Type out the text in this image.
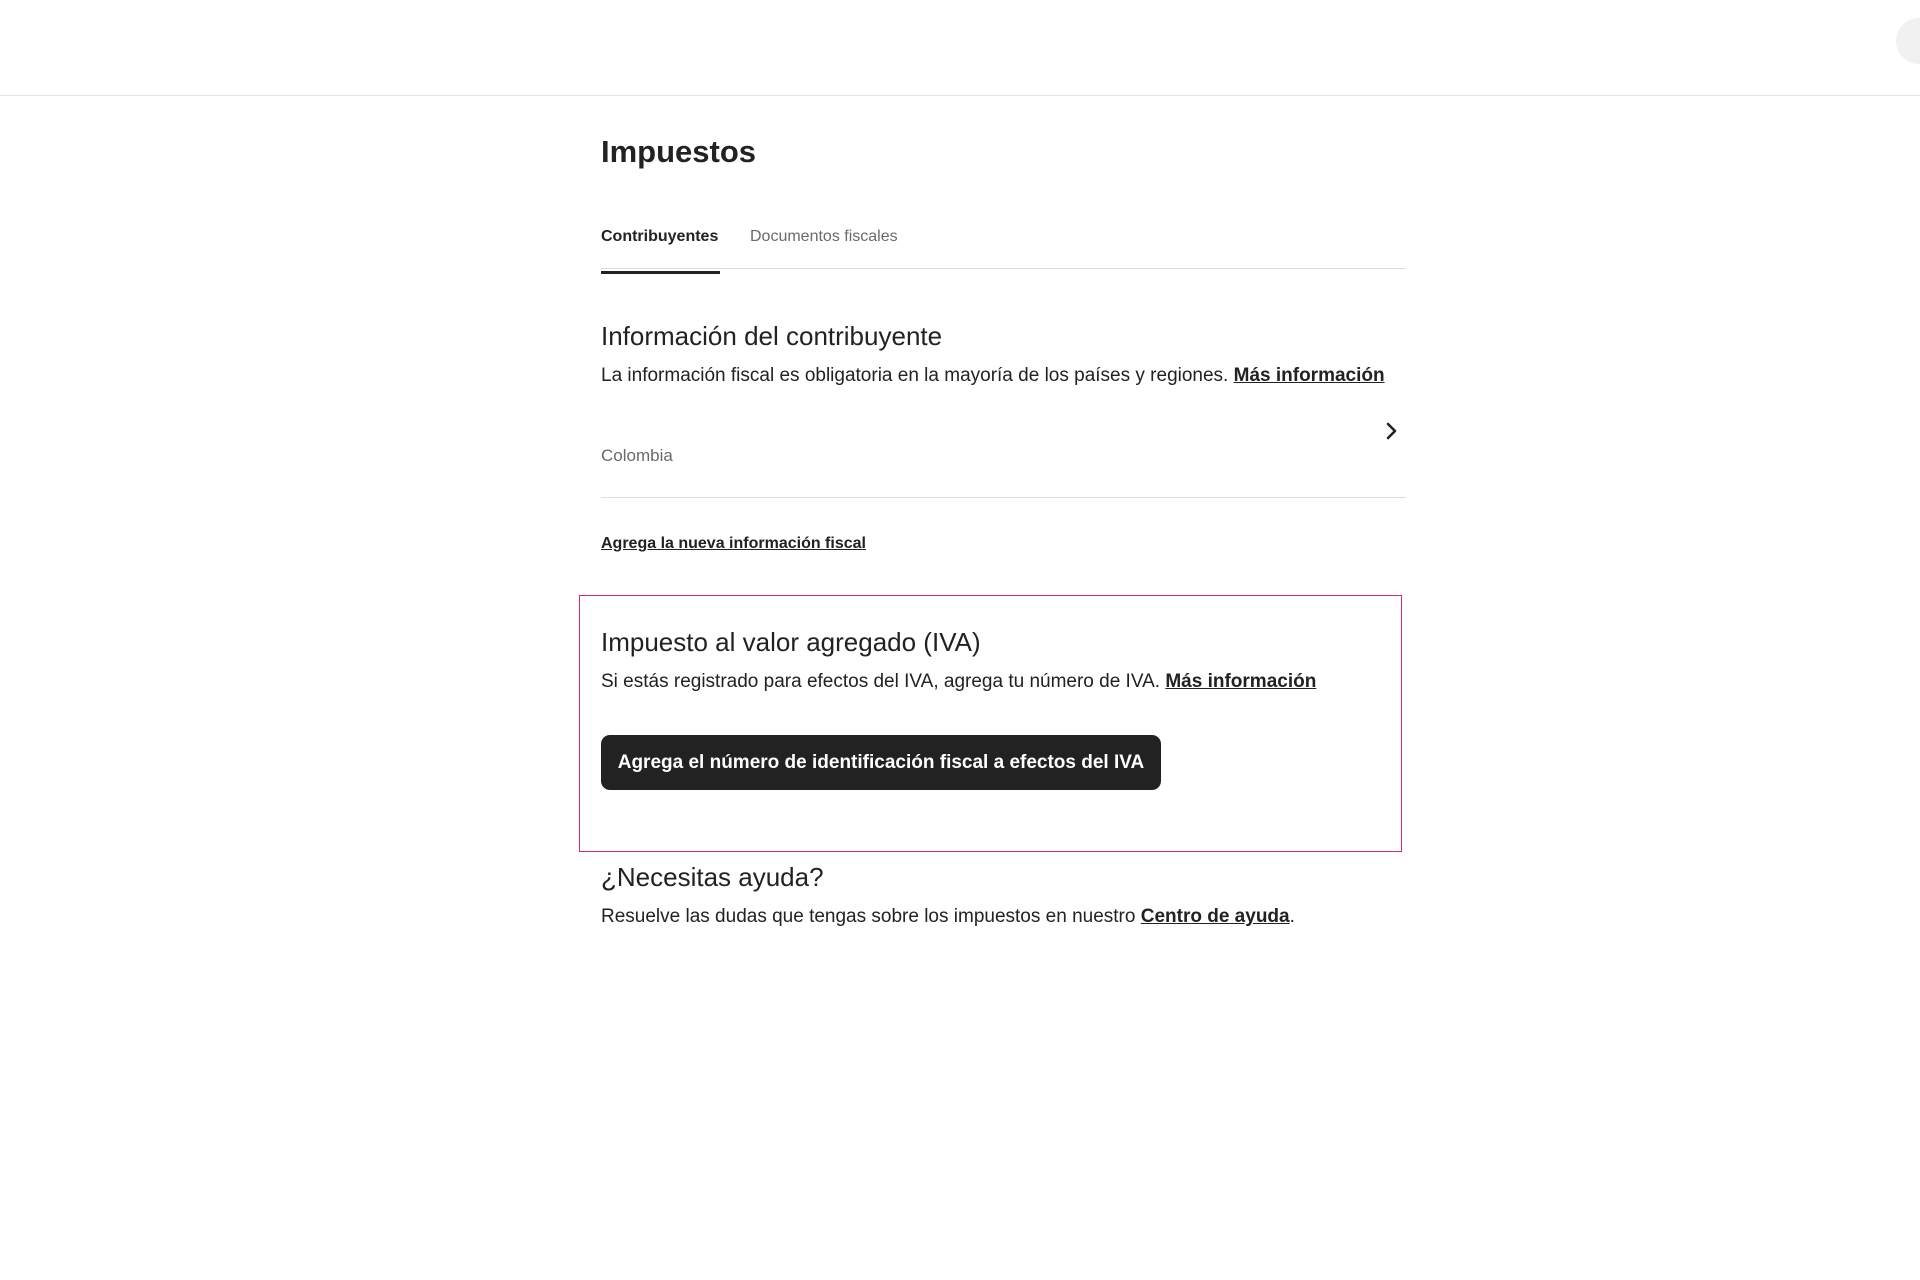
Impuestos
Contribuyentes Documentos fiscales
Información del contribuyente

La información fiscal es obligatoria en la mayoría de los países y regiones. Más información

Colombia
Agrega la nueva información fiscal
Impuesto al valor agregado (IVA)

Si estás registrado para efectos del IVA, agrega tu número de IVA. Más información

Agrega el número de identificación fiscal a efectos del IVA
¿Necesitas ayuda?

Resuelve las dudas que tengas sobre los impuestos en nuestro Centro de ayuda.
